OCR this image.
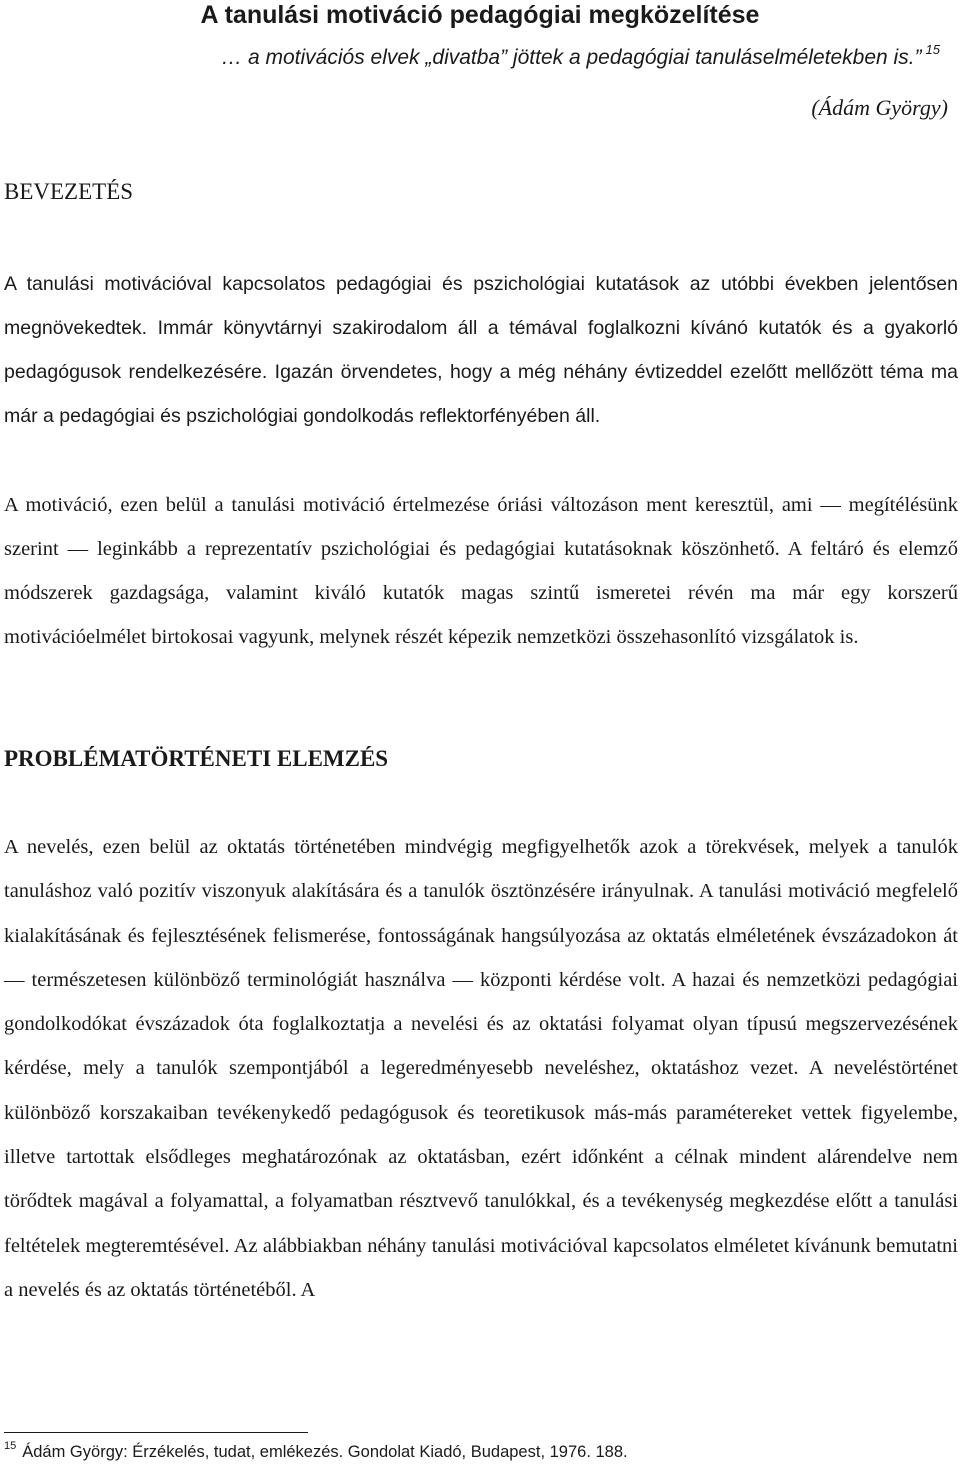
A tanulási motiváció pedagógiai megközelítése
… a motivációs elvek „divatba” jöttek a pedagógiai tanuláselméletekben is.” $^{15}$
(Ádám György)
BEVEZETÉS

A tanulási motivációval kapcsolatos pedagógiai és pszichológiai kutatások az utóbbi években jelentősen megnövekedtek. Immár könyvtárnyi szakirodalom áll a témával foglalkozni kívánó kutatók és a gyakorló pedagógusok rendelkezésére. Igazán örvendetes, hogy a még néhány évtizeddel ezelőtt mellőzött téma ma már a pedagógiai és pszichológiai gondolkodás reflektorfényében áll.

A motiváció, ezen belül a tanulási motiváció értelmezése óriási változáson ment keresztül, ami — megítélésünk szerint — leginkább a reprezentatív pszichológiai és pedagógiai kutatásoknak köszönhető. A feltáró és elemző módszerek gazdagsága, valamint kiváló kutatók magas szintű ismeretei révén ma már egy korszerű motivációelmélet birtokosai vagyunk, melynek részét képezik nemzetközi összehasonlító vizsgálatok is.

PROBLÉMATÖRTÉNETI ELEMZÉS

A nevelés, ezen belül az oktatás történetében mindvégig megfigyelhetők azok a törekvések, melyek a tanulók tanuláshoz való pozitív viszonyuk alakítására és a tanulók ösztönzésére irányulnak. A tanulási motiváció megfelelő kialakításának és fejlesztésének felismerése, fontosságának hangsúlyozása az oktatás elméletének évszázadokon át — természetesen különböző terminológiát használva — központi kérdése volt. A hazai és nemzetközi pedagógiai gondolkodókat évszázadok óta foglalkoztatja a nevelési és az oktatási folyamat olyan típusú megszervezésének kérdése, mely a tanulók szempontjából a legeredményesebb neveléshez, oktatáshoz vezet. A neveléstörténet különböző korszakaiban tevékenykedő pedagógusok és teoretikusok más-más paramétereket vettek figyelembe, illetve tartottak elsődleges meghatározónak az oktatásban, ezért időnként a célnak mindent alárendelve nem törődtek magával a folyamattal, a folyamatban résztvevő tanulókkal, és a tevékenység megkezdése előtt a tanulási feltételek megteremtésével. Az alábbiakban néhány tanulási motivációval kapcsolatos elméletet kívánunk bemutatni a nevelés és az oktatás történetéből. A

$^{15}$ Ádám György: Érzékelés, tudat, emlékezés. Gondolat Kiadó, Budapest, 1976. 188.
